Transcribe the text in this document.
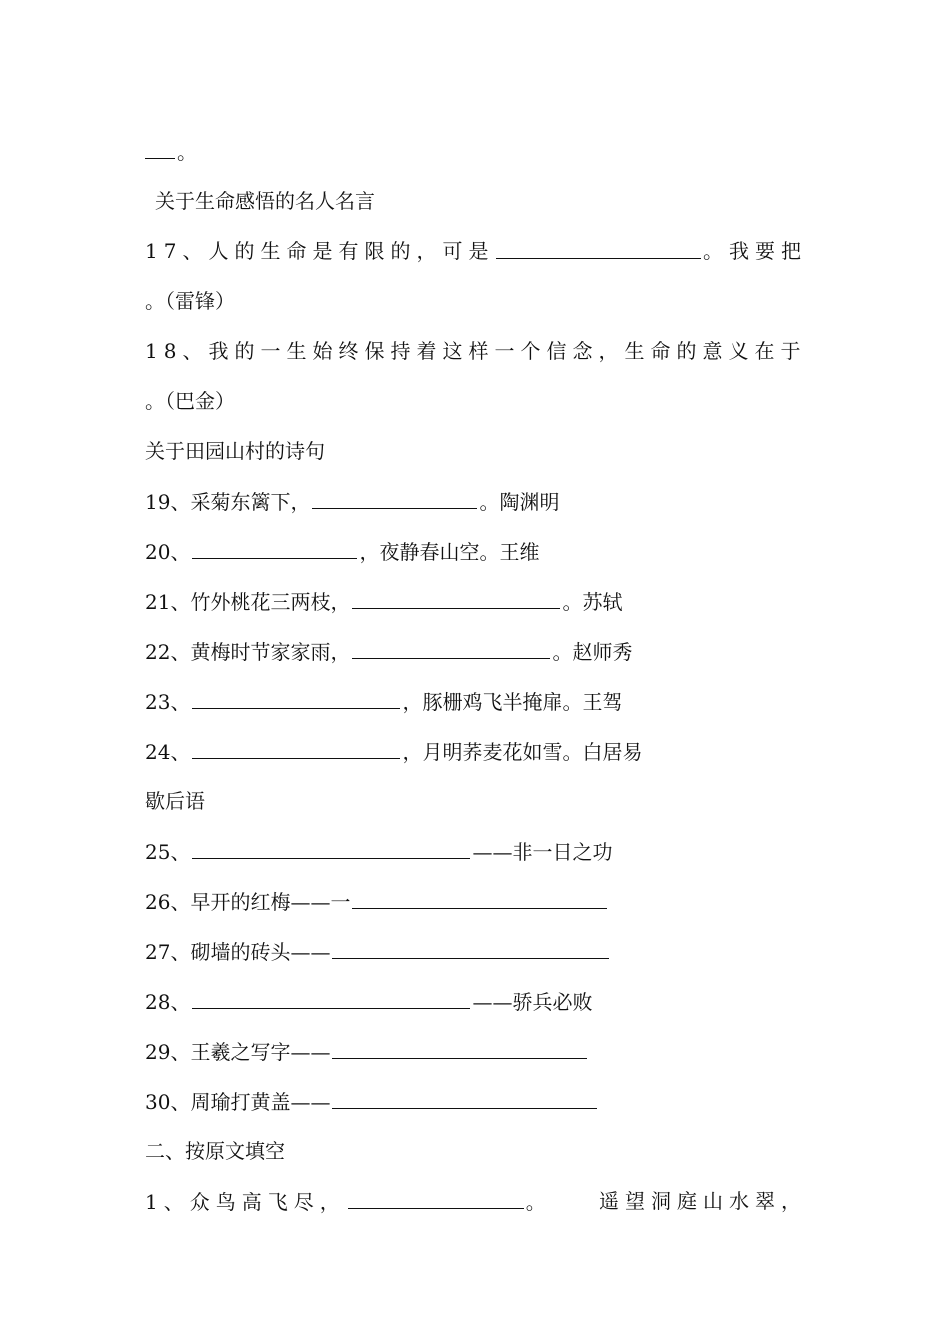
。
关于生命感悟的名人名言
17、人的生命是有限的，可是	。我要把
。（雷锋）
18、我的一生始终保持着这样一个信念，生命的意义在于
。（巴金）
关于田园山村的诗句
19、采菊东篱下，	。陶渊明
20、	，夜静春山空。王维
21、竹外桃花三两枝，	。苏轼
22、黄梅时节家家雨，	。赵师秀
23、	，豚栅鸡飞半掩扉。王驾
24、	，月明荞麦花如雪。白居易
歇后语
25、	——非一日之功
26、早开的红梅——一
27、砌墙的砖头——
28、	——骄兵必败
29、王羲之写字——
30、周瑜打黄盖——
二、按原文填空
1、众鸟高飞尽，	。	遥望洞庭山水翠，
